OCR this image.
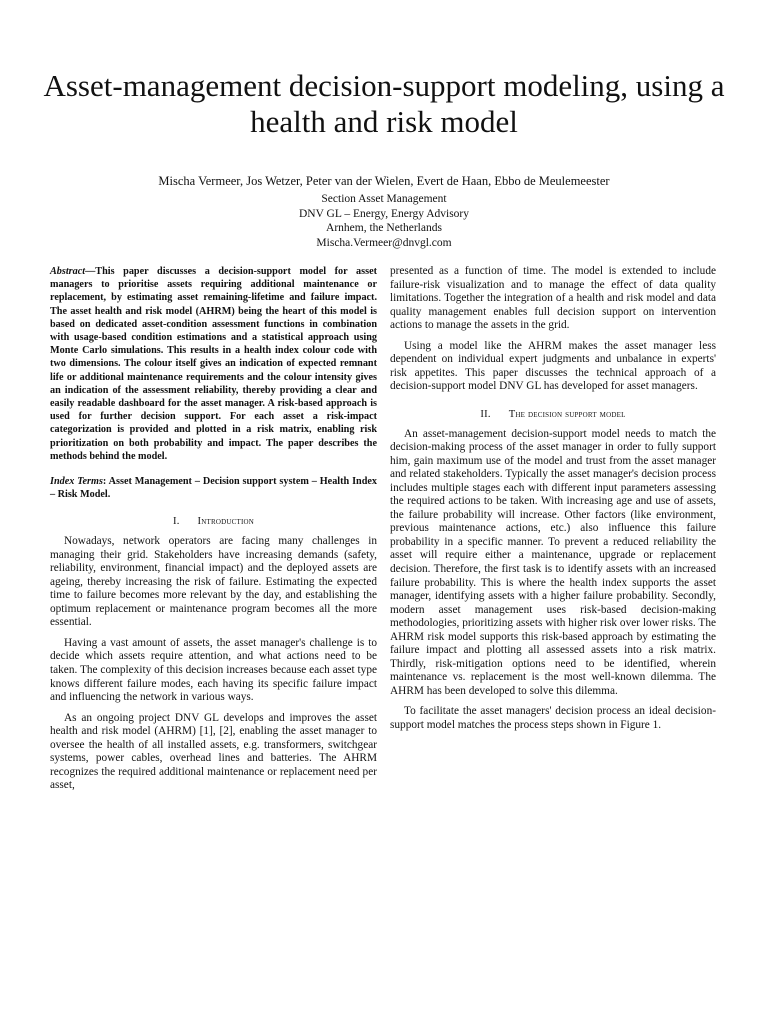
Asset-management decision-support modeling, using a health and risk model
Mischa Vermeer, Jos Wetzer, Peter van der Wielen, Evert de Haan, Ebbo de Meulemeester
Section Asset Management
DNV GL – Energy, Energy Advisory
Arnhem, the Netherlands
Mischa.Vermeer@dnvgl.com

Abstract—This paper discusses a decision-support model for asset managers to prioritise assets requiring additional maintenance or replacement, by estimating asset remaining-lifetime and failure impact. The asset health and risk model (AHRM) being the heart of this model is based on dedicated asset-condition assessment functions in combination with usage-based condition estimations and a statistical approach using Monte Carlo simulations. This results in a health index colour code with two dimensions. The colour itself gives an indication of expected remnant life or additional maintenance requirements and the colour intensity gives an indication of the assessment reliability, thereby providing a clear and easily readable dashboard for the asset manager. A risk-based approach is used for further decision support. For each asset a risk-impact categorization is provided and plotted in a risk matrix, enabling risk prioritization on both probability and impact. The paper describes the methods behind the model.

Index Terms: Asset Management – Decision support system – Health Index – Risk Model.

I. Introduction

Nowadays, network operators are facing many challenges in managing their grid. Stakeholders have increasing demands (safety, reliability, environment, financial impact) and the deployed assets are ageing, thereby increasing the risk of failure. Estimating the expected time to failure becomes more relevant by the day, and establishing the optimum replacement or maintenance program becomes all the more essential.

Having a vast amount of assets, the asset manager's challenge is to decide which assets require attention, and what actions need to be taken. The complexity of this decision increases because each asset type knows different failure modes, each having its specific failure impact and influencing the network in various ways.

As an ongoing project DNV GL develops and improves the asset health and risk model (AHRM) [1], [2], enabling the asset manager to oversee the health of all installed assets, e.g. transformers, switchgear systems, power cables, overhead lines and batteries. The AHRM recognizes the required additional maintenance or replacement need per asset,

presented as a function of time. The model is extended to include failure-risk visualization and to manage the effect of data quality limitations. Together the integration of a health and risk model and data quality management enables full decision support on intervention actions to manage the assets in the grid.

Using a model like the AHRM makes the asset manager less dependent on individual expert judgments and unbalance in experts' risk appetites. This paper discusses the technical approach of a decision-support model DNV GL has developed for asset managers.

II. The decision support model

An asset-management decision-support model needs to match the decision-making process of the asset manager in order to fully support him, gain maximum use of the model and trust from the asset manager and related stakeholders. Typically the asset manager's decision process includes multiple stages each with different input parameters assessing the required actions to be taken. With increasing age and use of assets, the failure probability will increase. Other factors (like environment, previous maintenance actions, etc.) also influence this failure probability in a specific manner. To prevent a reduced reliability the asset will require either a maintenance, upgrade or replacement decision. Therefore, the first task is to identify assets with an increased failure probability. This is where the health index supports the asset manager, identifying assets with a higher failure probability. Secondly, modern asset management uses risk-based decision-making methodologies, prioritizing assets with higher risk over lower risks. The AHRM risk model supports this risk-based approach by estimating the failure impact and plotting all assessed assets into a risk matrix. Thirdly, risk-mitigation options need to be identified, wherein maintenance vs. replacement is the most well-known dilemma. The AHRM has been developed to solve this dilemma.

To facilitate the asset managers' decision process an ideal decision-support model matches the process steps shown in Figure 1.
